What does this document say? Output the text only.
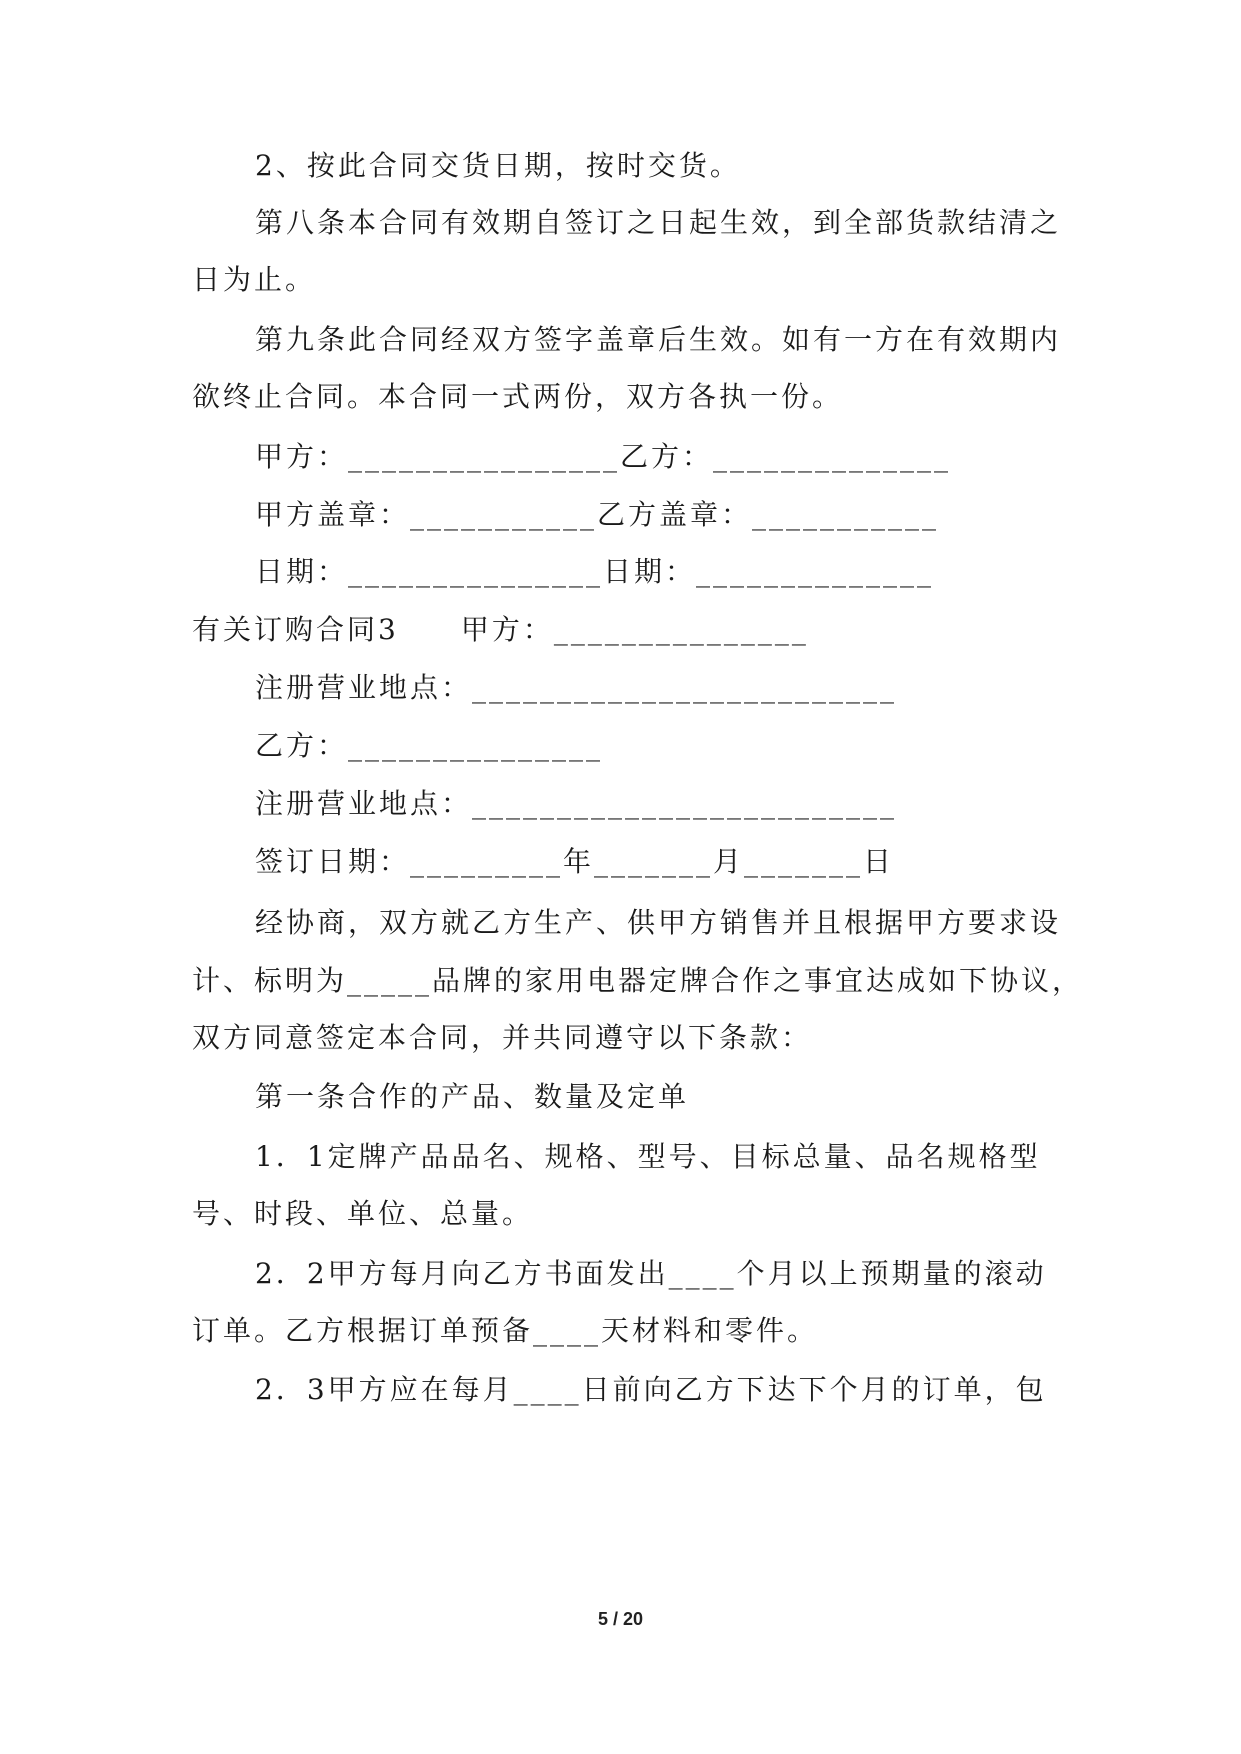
2、按此合同交货日期，按时交货。
第八条本合同有效期自签订之日起生效，到全部货款结清之
日为止。
第九条此合同经双方签字盖章后生效。如有一方在有效期内
欲终止合同。本合同一式两份，双方各执一份。
甲方：________________乙方：______________
甲方盖章：___________乙方盖章：___________
日期：_______________日期：______________
有关订购合同3　　甲方：_______________
注册营业地点：_________________________
乙方：_______________
注册营业地点：_________________________
签订日期：_________年_______月_______日
经协商，双方就乙方生产、供甲方销售并且根据甲方要求设
计、标明为_____品牌的家用电器定牌合作之事宜达成如下协议，
双方同意签定本合同，并共同遵守以下条款：
第一条合作的产品、数量及定单
1．1定牌产品品名、规格、型号、目标总量、品名规格型
号、时段、单位、总量。
2．2甲方每月向乙方书面发出____个月以上预期量的滚动
订单。乙方根据订单预备____天材料和零件。
2．3甲方应在每月____日前向乙方下达下个月的订单，包
5 / 20
